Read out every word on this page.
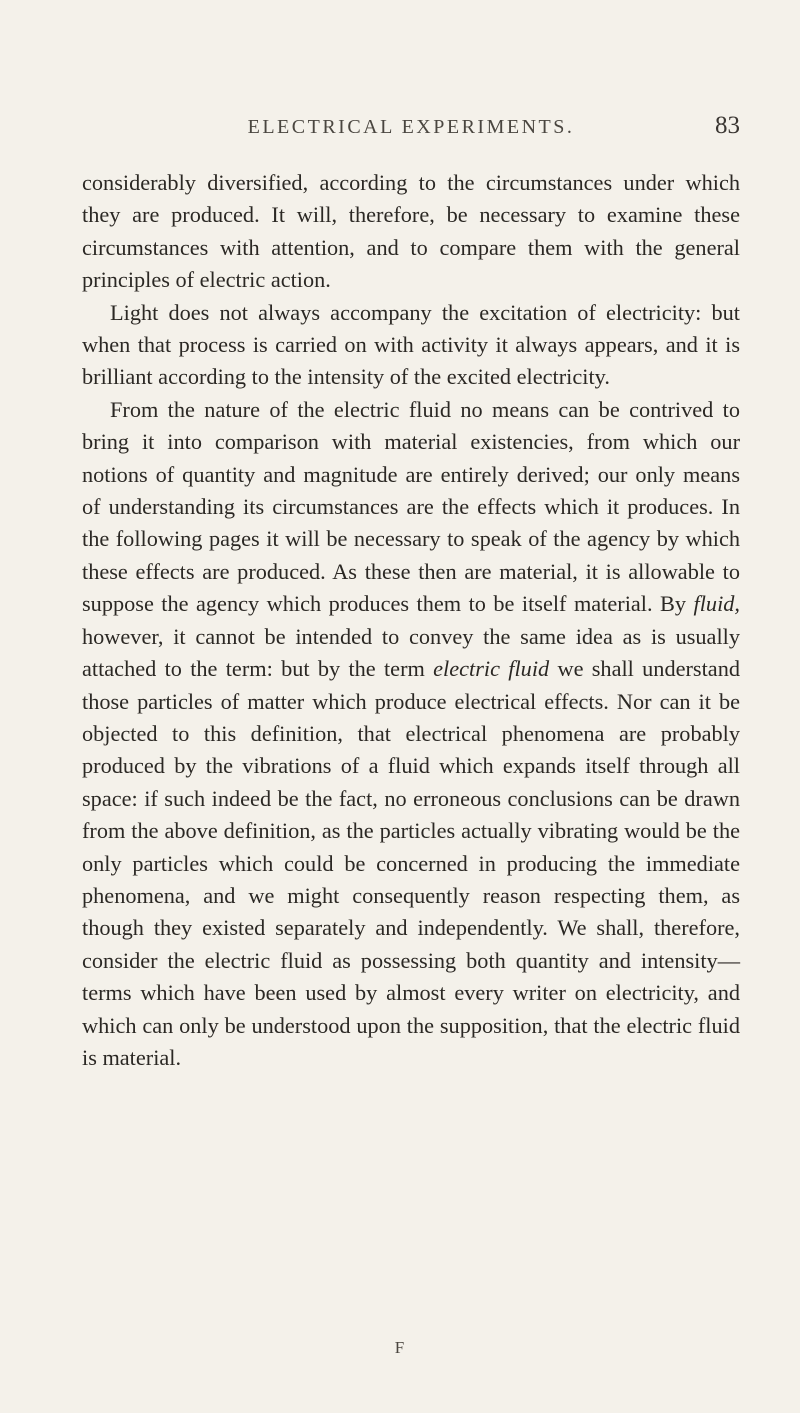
ELECTRICAL EXPERIMENTS.	83

considerably diversified, according to the circumstances under which they are produced. It will, therefore, be necessary to examine these circumstances with attention, and to compare them with the general principles of electric action.

Light does not always accompany the excitation of electricity: but when that process is carried on with activity it always appears, and it is brilliant according to the intensity of the excited electricity.

From the nature of the electric fluid no means can be contrived to bring it into comparison with material existencies, from which our notions of quantity and magnitude are entirely derived; our only means of understanding its circumstances are the effects which it produces. In the following pages it will be necessary to speak of the agency by which these effects are produced. As these then are material, it is allowable to suppose the agency which produces them to be itself material. By fluid, however, it cannot be intended to convey the same idea as is usually attached to the term: but by the term electric fluid we shall understand those particles of matter which produce electrical effects. Nor can it be objected to this definition, that electrical phenomena are probably produced by the vibrations of a fluid which expands itself through all space: if such indeed be the fact, no erroneous conclusions can be drawn from the above definition, as the particles actually vibrating would be the only particles which could be concerned in producing the immediate phenomena, and we might consequently reason respecting them, as though they existed separately and independently. We shall, therefore, consider the electric fluid as possessing both quantity and intensity—terms which have been used by almost every writer on electricity, and which can only be understood upon the supposition, that the electric fluid is material.

F
